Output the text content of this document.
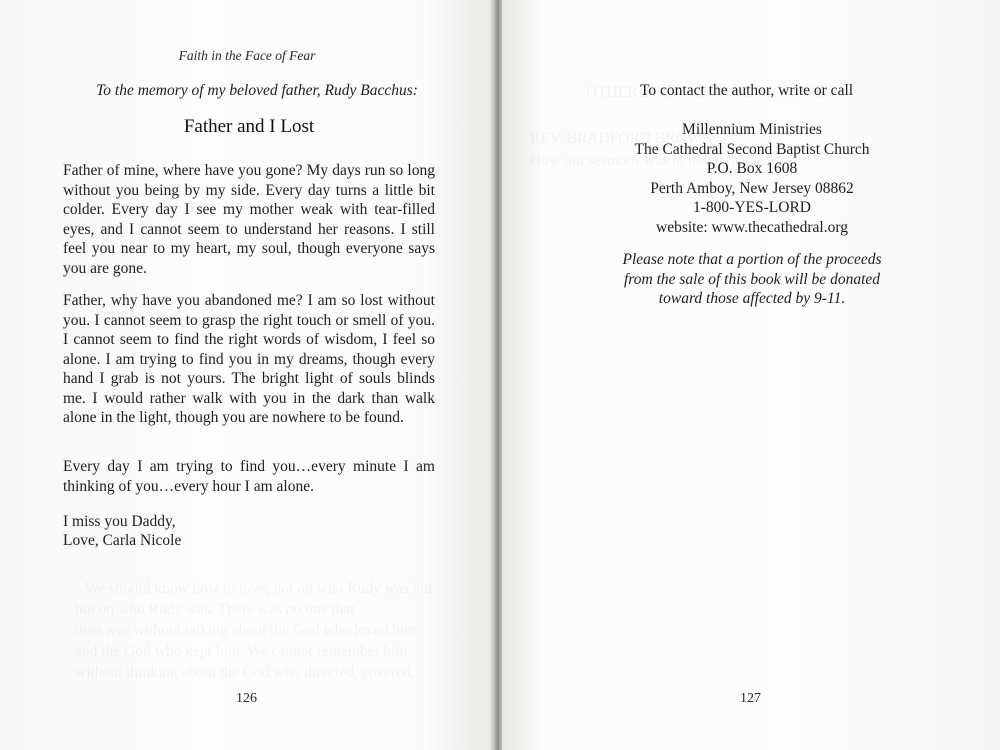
Faith in the Face of Fear
To the memory of my beloved father, Rudy Bacchus:
Father and I Lost

Father of mine, where have you gone? My days run so long without you being by my side. Every day turns a little bit colder. Every day I see my mother weak with tear-filled eyes, and I cannot seem to understand her reasons. I still feel you near to my heart, my soul, though everyone says you are gone.

Father, why have you abandoned me? I am so lost without you. I cannot seem to grasp the right touch or smell of you. I cannot seem to find the right words of wisdom, I feel so alone. I am trying to find you in my dreams, though every hand I grab is not yours. The bright light of souls blinds me. I would rather walk with you in the dark than walk alone in the light, though you are nowhere to be found.

Every day I am trying to find you…every minute I am thinking of you…every hour I am alone.

I miss you Daddy,
Love, Carla Nicole
126
To contact the author, write or call
Millennium Ministries
The Cathedral Second Baptist Church
P.O. Box 1608
Perth Amboy, New Jersey 08862
1-800-YES-LORD
website: www.thecathedral.org
Please note that a portion of the proceeds
from the sale of this book will be donated
toward those affected by 9-11.
127
